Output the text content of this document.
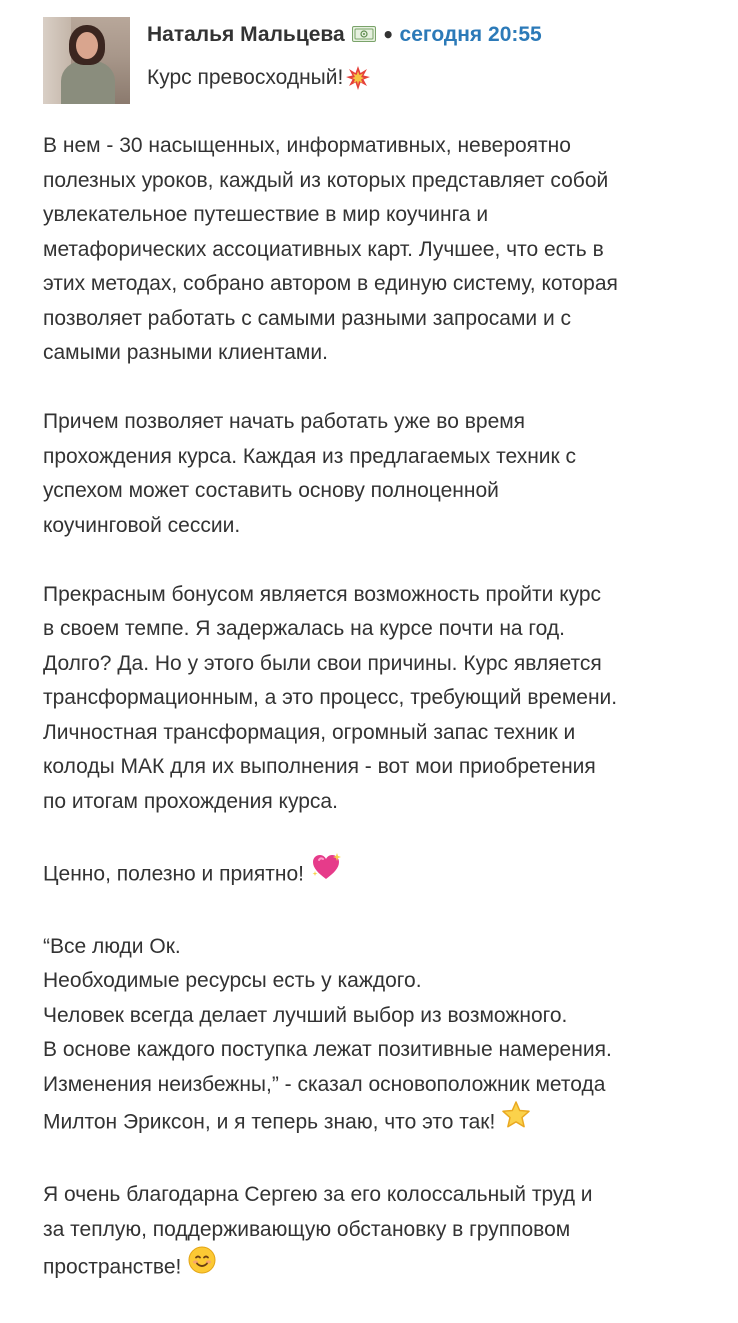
Наталья Мальцева • сегодня 20:55
Курс превосходный!
В нем - 30 насыщенных, информативных, невероятно
полезных уроков, каждый из которых представляет собой
увлекательное путешествие в мир коучинга и
метафорических ассоциативных карт. Лучшее, что есть в
этих методах, собрано автором в единую систему, которая
позволяет работать с самыми разными запросами и с
самыми разными клиентами.
Причем позволяет начать работать уже во время
прохождения курса. Каждая из предлагаемых техник с
успехом может составить основу полноценной
коучинговой сессии.
Прекрасным бонусом является возможность пройти курс
в своем темпе. Я задержалась на курсе почти на год.
Долго? Да. Но у этого были свои причины. Курс является
трансформационным, а это процесс, требующий времени.
Личностная трансформация, огромный запас техник и
колоды МАК для их выполнения - вот мои приобретения
по итогам прохождения курса.
Ценно, полезно и приятно!
“Все люди Ок.
Необходимые ресурсы есть у каждого.
Человек всегда делает лучший выбор из возможного.
В основе каждого поступка лежат позитивные намерения.
Изменения неизбежны,” - сказал основоположник метода
Милтон Эриксон, и я теперь знаю, что это так!
Я очень благодарна Сергею за его колоссальный труд и
за теплую, поддерживающую обстановку в групповом
пространстве!
